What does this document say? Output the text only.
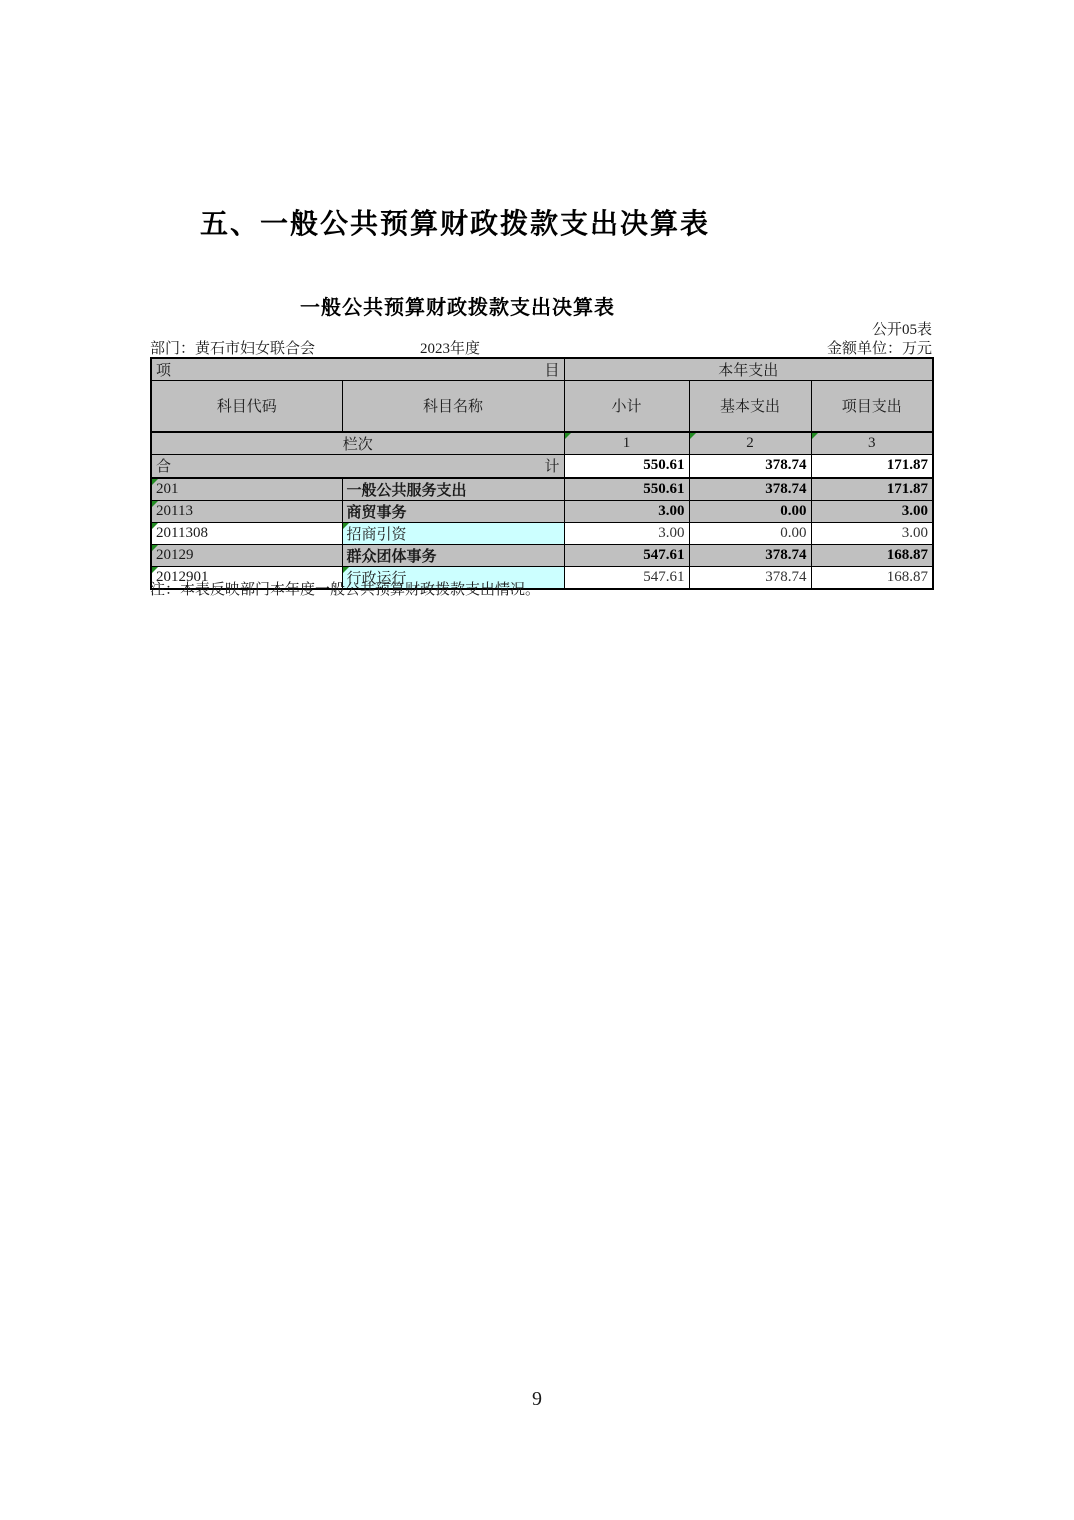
五、一般公共预算财政拨款支出决算表
一般公共预算财政拨款支出决算表
公开05表
部门：黄石市妇女联合会	2023年度	金额单位：万元
项 目		本年支出		
科目代码	科目名称	小计	基本支出	项目支出
栏次		1	2	3

合 计		550.61	378.74	171.87

201	一般公共服务支出	550.61	378.74	171.87

20113	商贸事务	3.00	0.00	3.00

2011308	招商引资	3.00	0.00	3.00

20129	群众团体事务	547.61	378.74	168.87

2012901	行政运行	547.61	378.74	168.87
注：本表反映部门本年度一般公共预算财政拨款支出情况。
9
